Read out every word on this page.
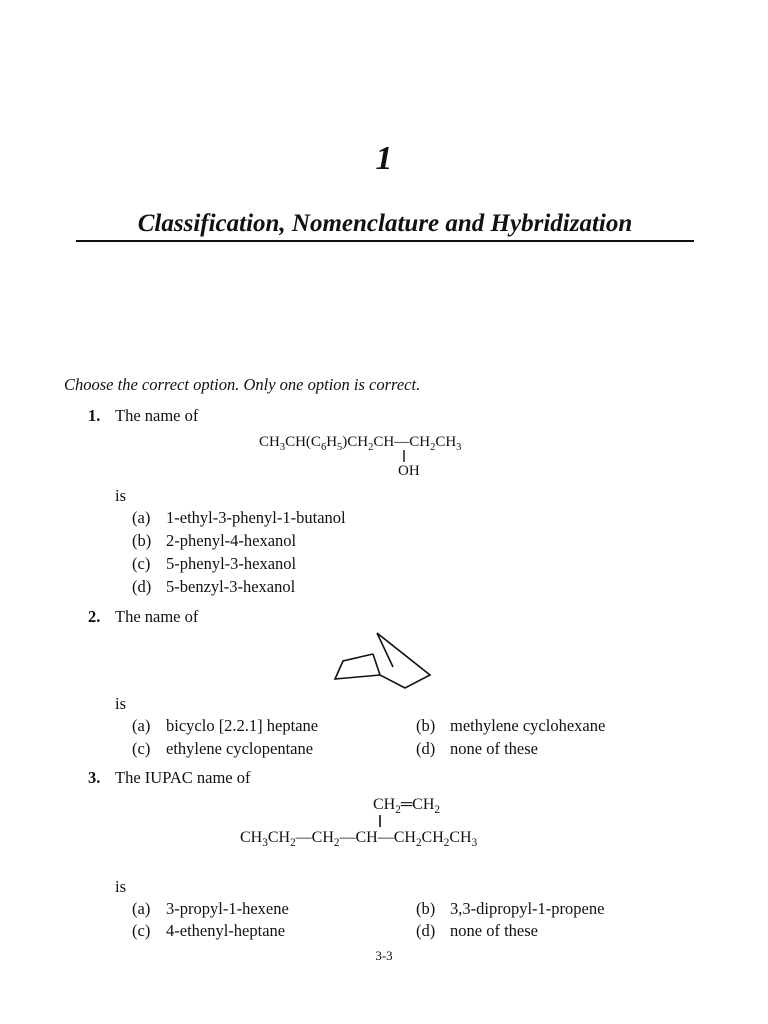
1
Classification, Nomenclature and Hybridization
Choose the correct option. Only one option is correct.
1. The name of
$CH_3CH(C_6H_5)CH_2CH—CH_2CH_3$
OH
is
(a) 1-ethyl-3-phenyl-1-butanol
(b) 2-phenyl-4-hexanol
(c) 5-phenyl-3-hexanol
(d) 5-benzyl-3-hexanol
2. The name of
is
(a) bicyclo [2.2.1] heptane	(b) methylene cyclohexane
(c) ethylene cyclopentane	(d) none of these
3. The IUPAC name of
$CH_2═CH_2$
$CH_3CH_2—CH_2—CH—CH_2CH_2CH_3$
is
(a) 3-propyl-1-hexene	(b) 3,3-dipropyl-1-propene
(c) 4-ethenyl-heptane	(d) none of these
3-3
